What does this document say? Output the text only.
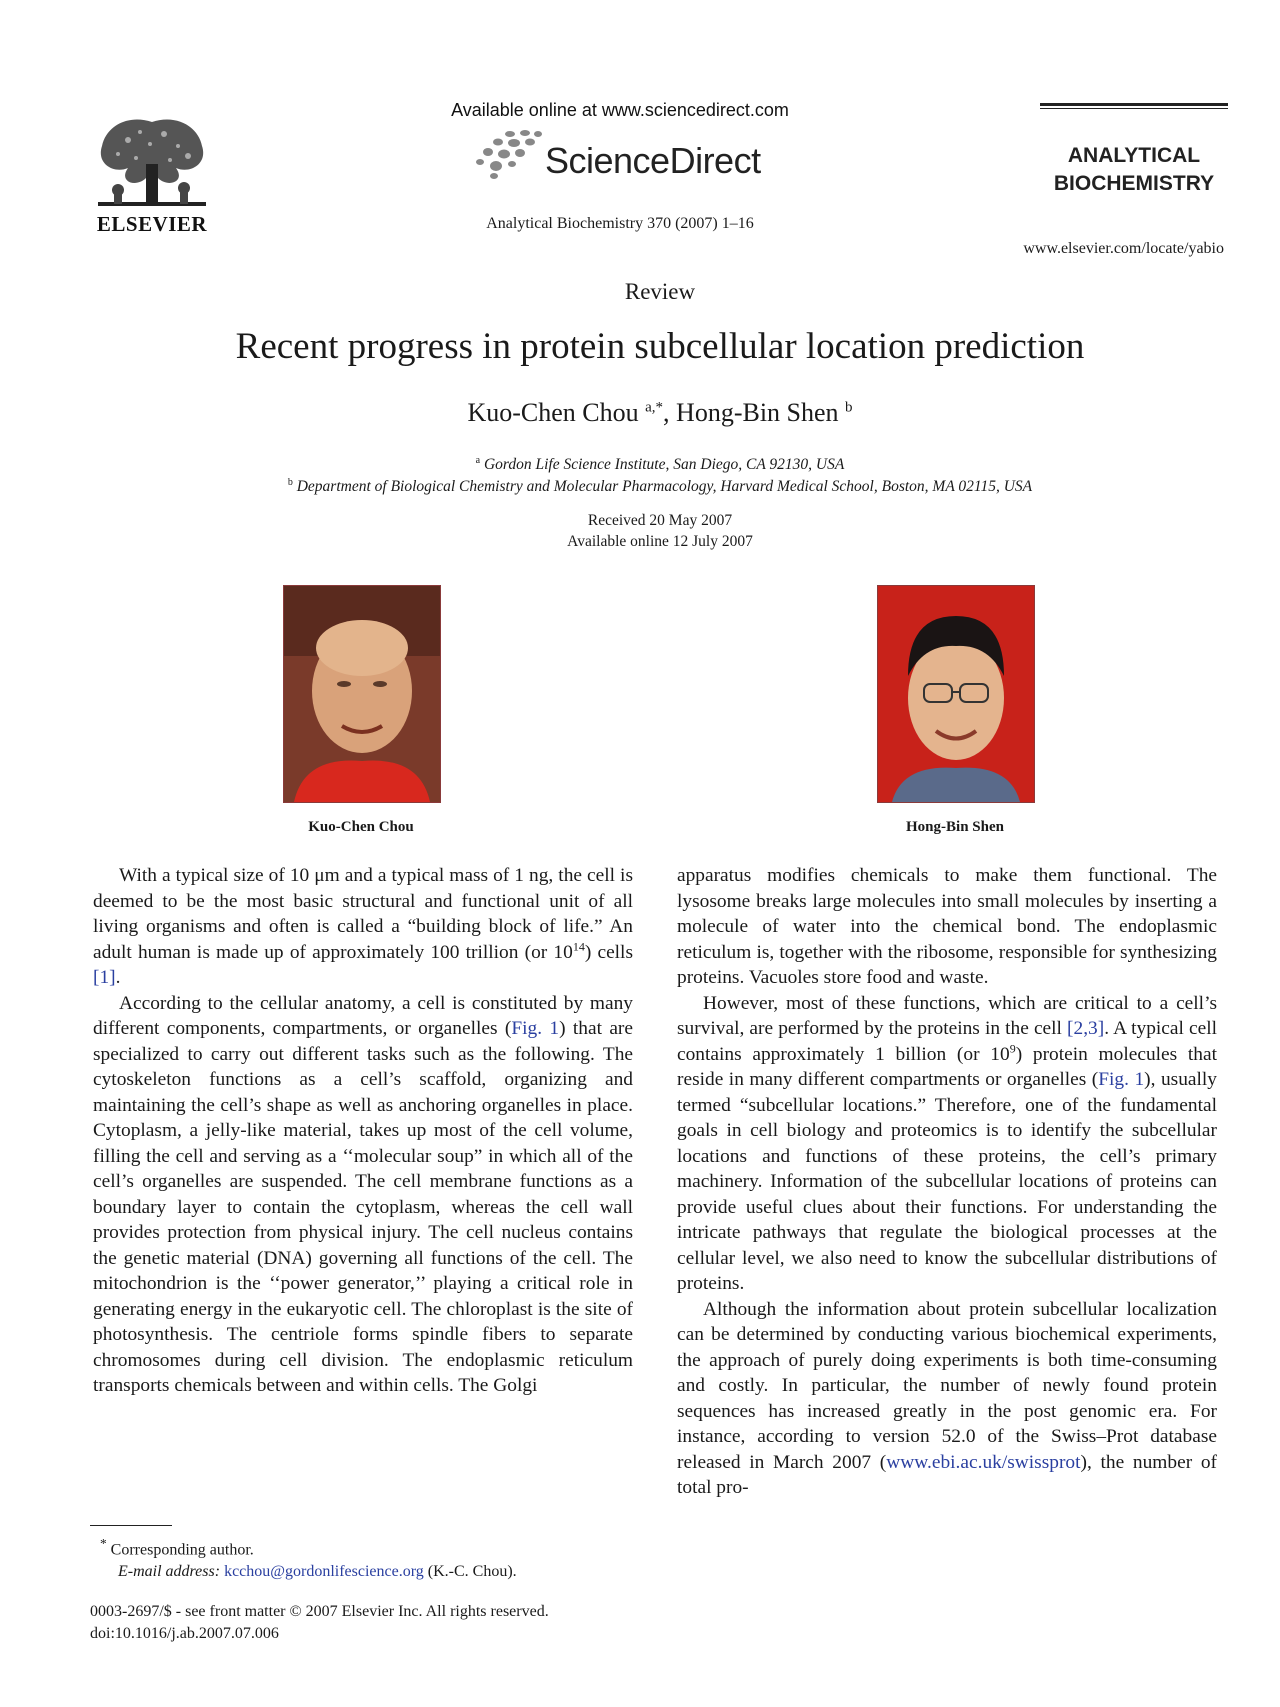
ELSEVIER
Available online at www.sciencedirect.com
ScienceDirect
Analytical Biochemistry 370 (2007) 1–16
ANALYTICAL
BIOCHEMISTRY
www.elsevier.com/locate/yabio
Review
Recent progress in protein subcellular location prediction
Kuo-Chen Chou $^{a,*}$, Hong-Bin Shen $^b$
$^a$ Gordon Life Science Institute, San Diego, CA 92130, USA
$^b$ Department of Biological Chemistry and Molecular Pharmacology, Harvard Medical School, Boston, MA 02115, USA
Received 20 May 2007
Available online 12 July 2007
Kuo-Chen Chou	Hong-Bin Shen

With a typical size of 10 μm and a typical mass of 1 ng, the cell is deemed to be the most basic structural and functional unit of all living organisms and often is called a “building block of life.” An adult human is made up of approximately 100 trillion (or $10^{14}$) cells [1].

According to the cellular anatomy, a cell is constituted by many different components, compartments, or organelles (Fig. 1) that are specialized to carry out different tasks such as the following. The cytoskeleton functions as a cell’s scaffold, organizing and maintaining the cell’s shape as well as anchoring organelles in place. Cytoplasm, a jelly-like material, takes up most of the cell volume, filling the cell and serving as a ‘‘molecular soup” in which all of the cell’s organelles are suspended. The cell membrane functions as a boundary layer to contain the cytoplasm, whereas the cell wall provides protection from physical injury. The cell nucleus contains the genetic material (DNA) governing all functions of the cell. The mitochondrion is the ‘‘power generator,’’ playing a critical role in generating energy in the eukaryotic cell. The chloroplast is the site of photosynthesis. The centriole forms spindle fibers to separate chromosomes during cell division. The endoplasmic reticulum transports chemicals between and within cells. The Golgi

apparatus modifies chemicals to make them functional. The lysosome breaks large molecules into small molecules by inserting a molecule of water into the chemical bond. The endoplasmic reticulum is, together with the ribosome, responsible for synthesizing proteins. Vacuoles store food and waste.

However, most of these functions, which are critical to a cell’s survival, are performed by the proteins in the cell [2,3]. A typical cell contains approximately 1 billion (or $10^9$) protein molecules that reside in many different compartments or organelles (Fig. 1), usually termed “subcellular locations.” Therefore, one of the fundamental goals in cell biology and proteomics is to identify the subcellular locations and functions of these proteins, the cell’s primary machinery. Information of the subcellular locations of proteins can provide useful clues about their functions. For understanding the intricate pathways that regulate the biological processes at the cellular level, we also need to know the subcellular distributions of proteins.

Although the information about protein subcellular localization can be determined by conducting various biochemical experiments, the approach of purely doing experiments is both time-consuming and costly. In particular, the number of newly found protein sequences has increased greatly in the post genomic era. For instance, according to version 52.0 of the Swiss–Prot database released in March 2007 (www.ebi.ac.uk/swissprot), the number of total pro-

* Corresponding author.
E-mail address: kcchou@gordonlifescience.org (K.-C. Chou).
0003-2697/$ - see front matter © 2007 Elsevier Inc. All rights reserved.
doi:10.1016/j.ab.2007.07.006
